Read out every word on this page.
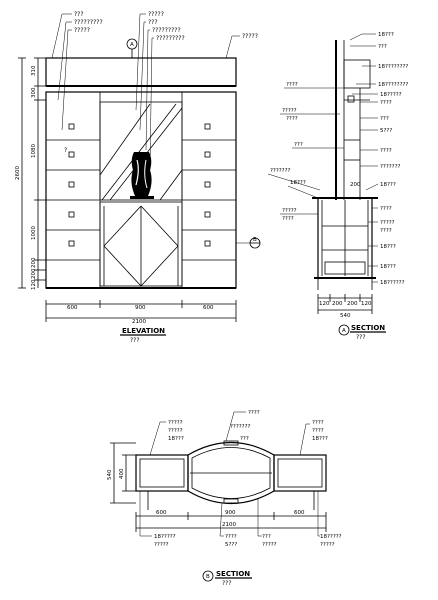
???
?????????
?????
?????
???
?????????
?????????	?????
A
?
B
310
300
1080
1000
200
200
120
2600
600	900	600
2100
ELEVATION
???
????
?????
????
???
???????
18???
?????
????
18???
???
18????????
18????????
18?????
????
???
5???
????
???????
18???
????
?????
????
18???
18???
18??????
200
120 200 200 120
540
A SECTION
???
?????
?????
18???
????
???????
???
????
????
18???
540 400
600	900	600
2100
18?????
?????
????
5???
???
?????
18?????
?????
B SECTION
???
